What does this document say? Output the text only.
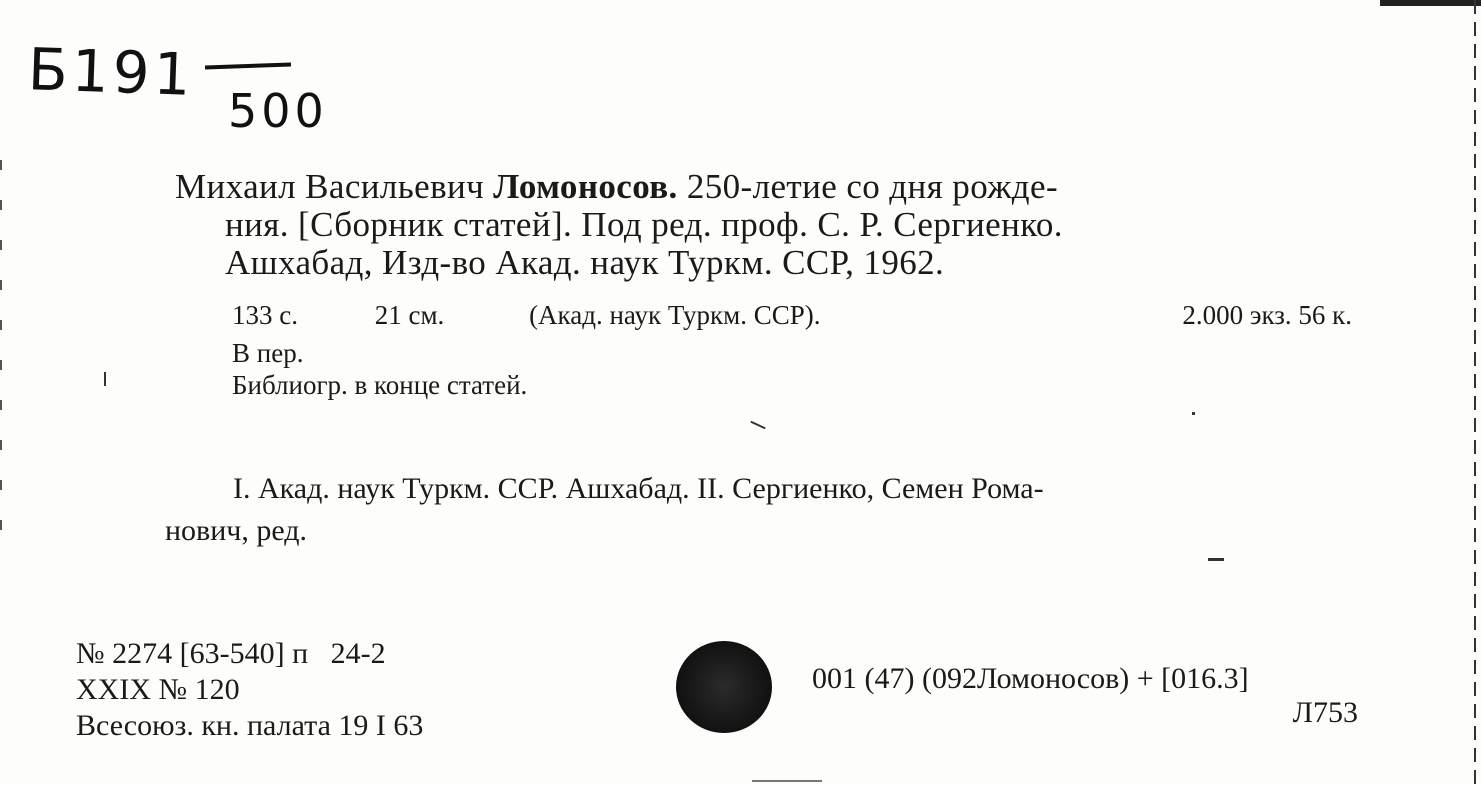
Б191
500

Михаил Васильевич Ломоносов. 250-летие со дня рожде-

ния. [Сборник статей]. Под ред. проф. С. Р. Сергиенко.

Ашхабад, Изд-во Акад. наук Туркм. ССР, 1962.

133 с.	21 см.	(Акад. наук Туркм. ССР).	2.000 экз. 56 к.
В пер.
Библиогр. в конце статей.

I. Акад. наук Туркм. ССР. Ашхабад. II. Сергиенко, Семен Рома-

нович, ред.

№ 2274 [63-540] п   24-2

XXIX № 120

Всесоюз. кн. палата 19 I 63

001 (47) (092Ломоносов) + [016.3]

Л753
